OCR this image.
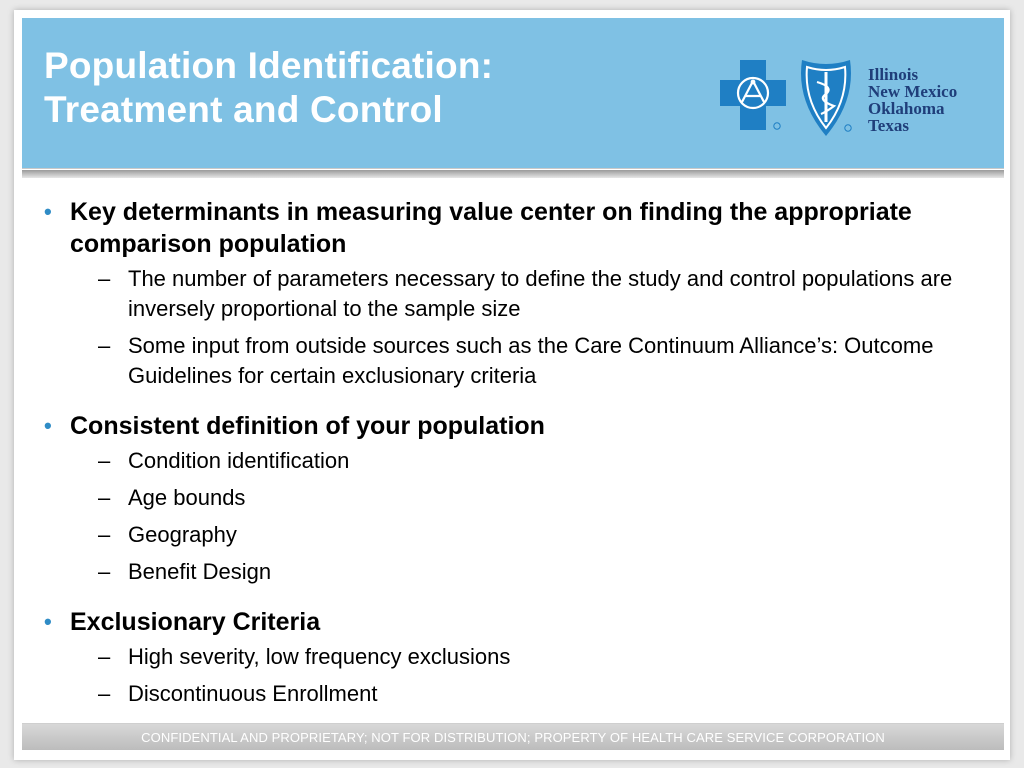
Population Identification:
Treatment and Control
Illinois
New Mexico
Oklahoma
Texas
• Key determinants in measuring value center on finding the appropriate comparison population
– The number of parameters necessary to define the study and control populations are inversely proportional to the sample size
– Some input from outside sources such as the Care Continuum Alliance’s: Outcome Guidelines for certain exclusionary criteria
• Consistent definition of your population
– Condition identification
– Age bounds
– Geography
– Benefit Design
• Exclusionary Criteria
– High severity, low frequency exclusions
– Discontinuous Enrollment
CONFIDENTIAL AND PROPRIETARY; NOT FOR DISTRIBUTION; PROPERTY OF HEALTH CARE SERVICE CORPORATION
